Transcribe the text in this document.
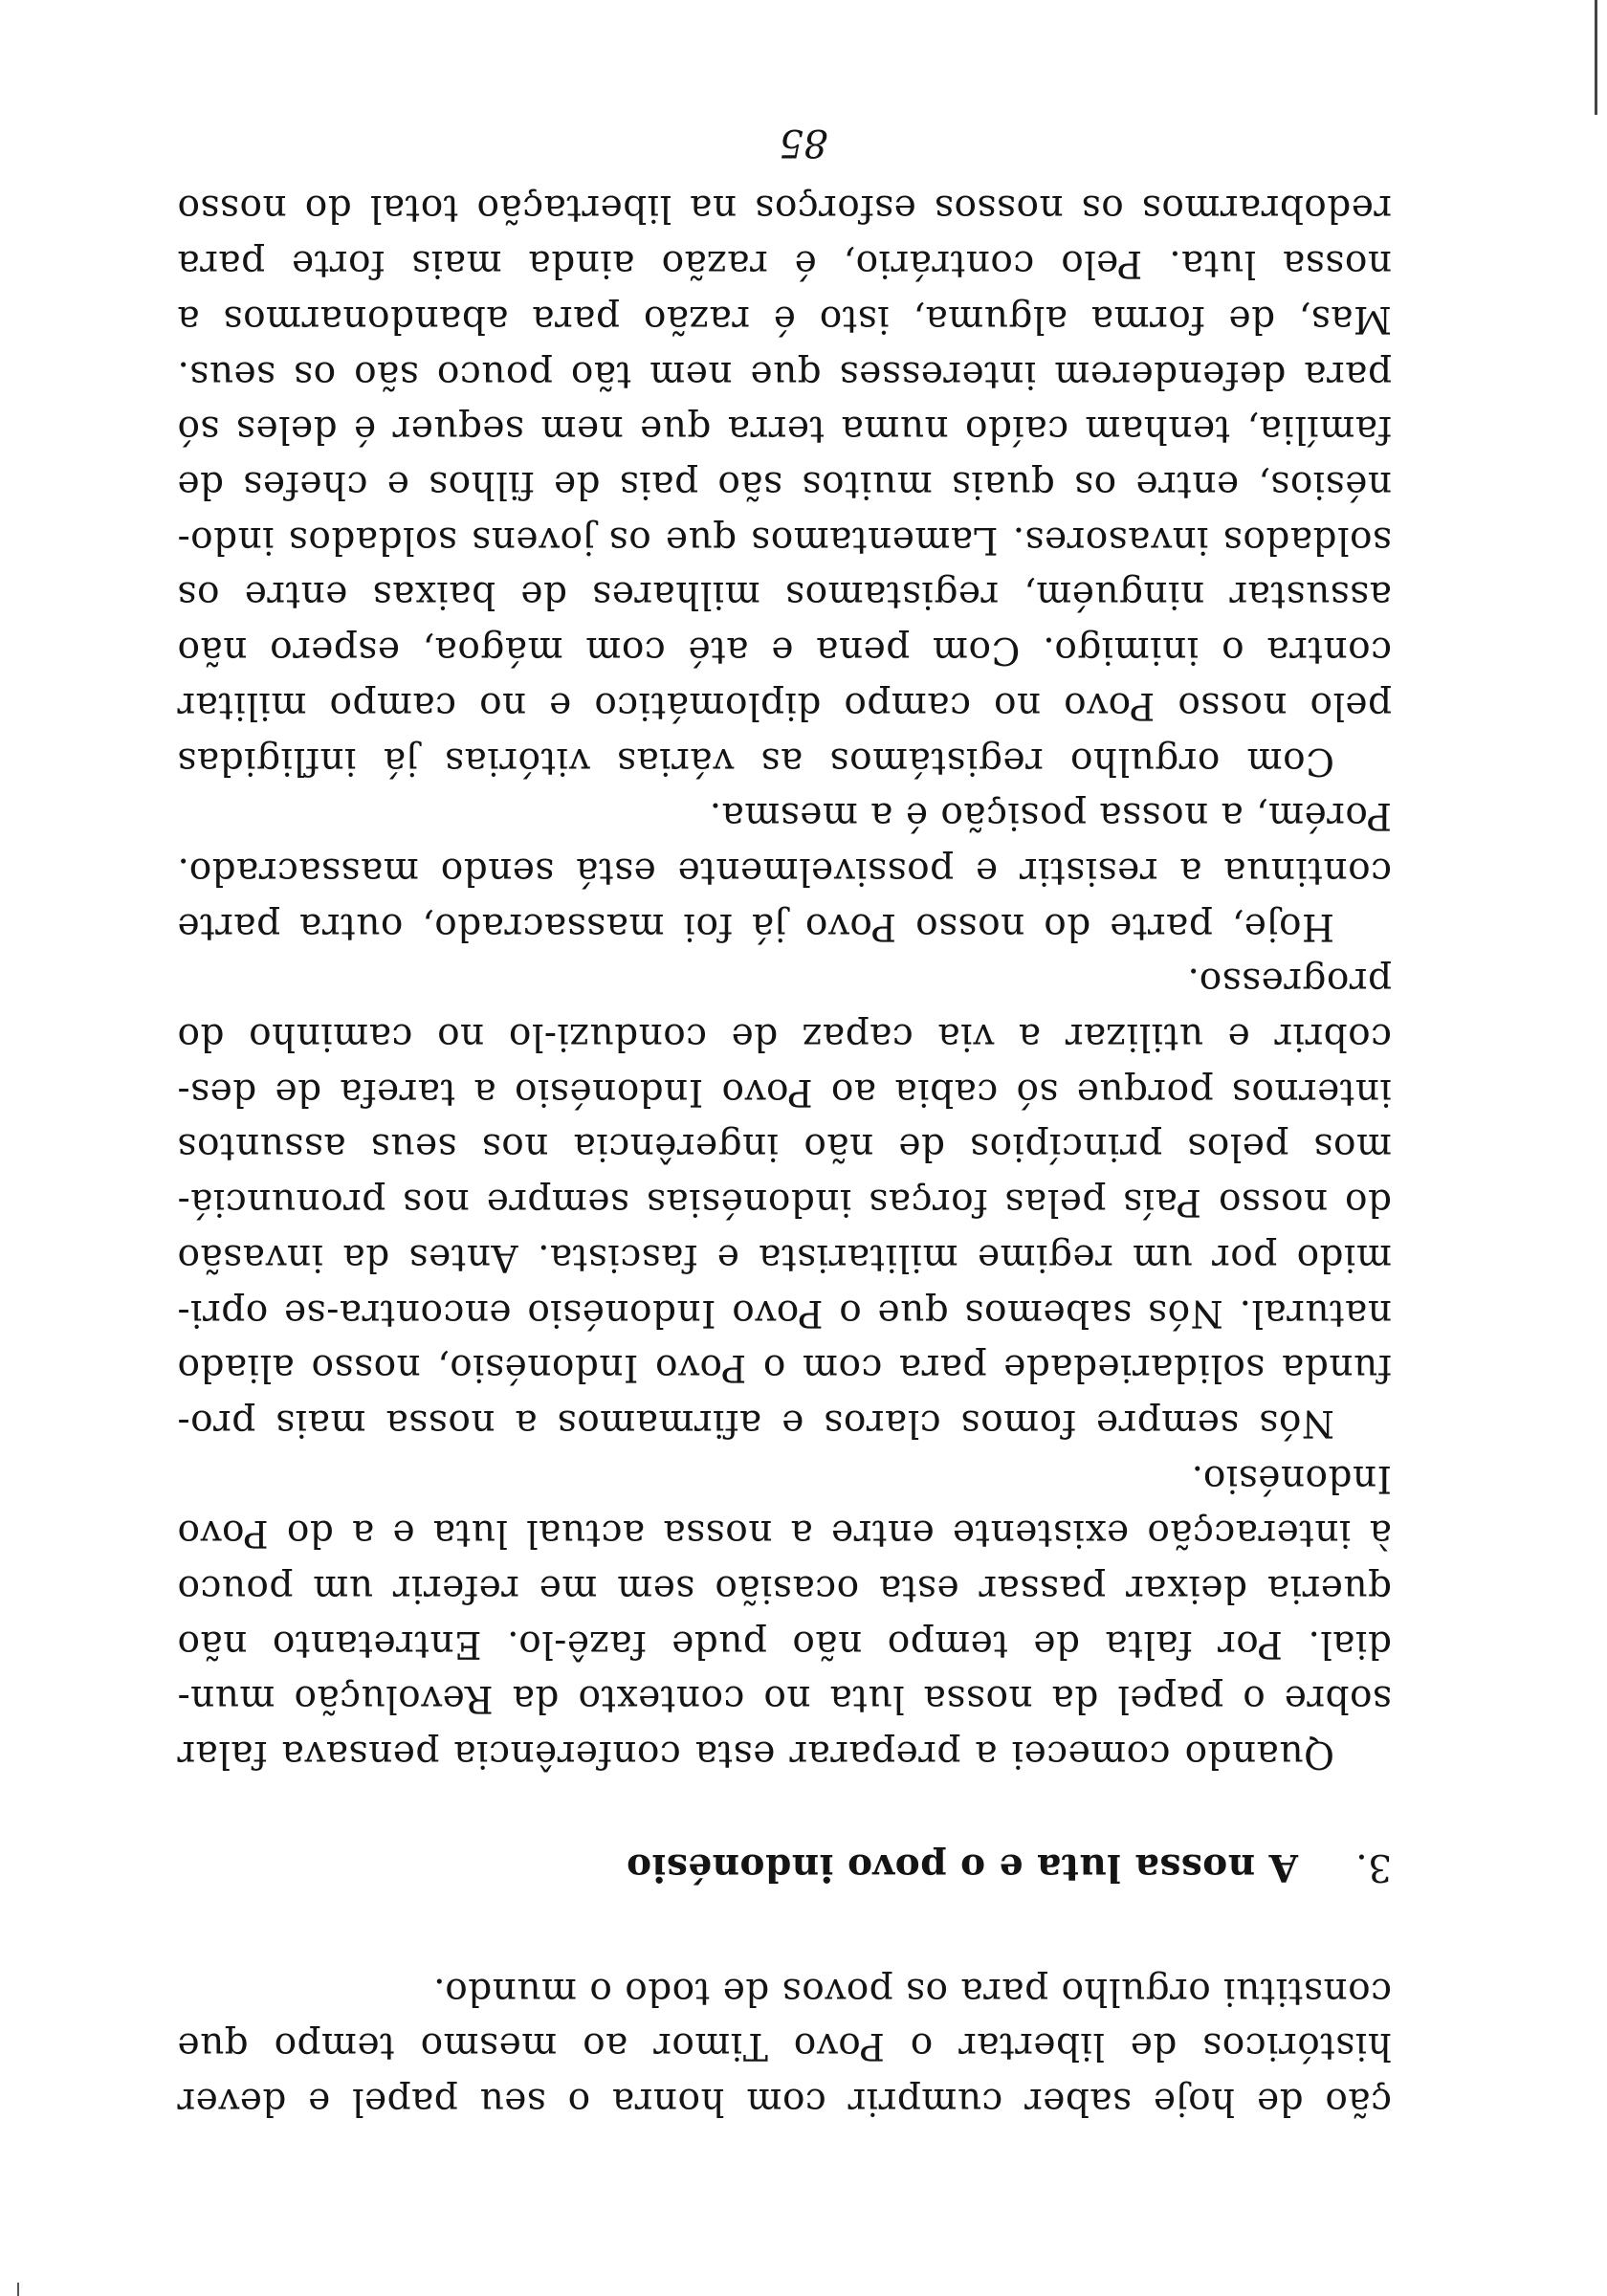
ção de hoje saber cumprir com honra o seu papel e dever
históricos de libertar o Povo Timor ao mesmo tempo que
constitui orgulho para os povos de todo o mundo.
3.A nossa luta e o povo indonésio
Quando comecei a preparar esta conferência pensava falar
sobre o papel da nossa luta no contexto da Revolução mun-
dial. Por falta de tempo não pude fazê-lo. Entretanto não
queria deixar passar esta ocasião sem me referir um pouco
à interacção existente entre a nossa actual luta e a do Povo
Indonésio.
Nós sempre fomos claros e afirmamos a nossa mais pro-
funda solidariedade para com o Povo Indonésio, nosso aliado
natural. Nós sabemos que o Povo Indonésio encontra-se opri-
mido por um regime militarista e fascista. Antes da invasão
do nosso País pelas forças indonésias sempre nos pronunciá-
mos pelos princípios de não ingerência nos seus assuntos
internos porque só cabia ao Povo Indonésio a tarefa de des-
cobrir e utilizar a via capaz de conduzi-lo no caminho do
progresso.
Hoje, parte do nosso Povo já foi massacrado, outra parte
continua a resistir e possivelmente está sendo massacrado.
Porém, a nossa posição é a mesma.
Com orgulho registámos as várias vitórias já infligidas
pelo nosso Povo no campo diplomático e no campo militar
contra o inimigo. Com pena e até com mágoa, espero não
assustar ninguém, registamos milhares de baixas entre os
soldados invasores. Lamentamos que os jovens soldados indo-
nésios, entre os quais muitos são pais de filhos e chefes de
família, tenham caído numa terra que nem sequer é deles só
para defenderem interesses que nem tão pouco são os seus.
Mas, de forma alguma, isto é razão para abandonarmos a
nossa luta. Pelo contrário, é razão ainda mais forte para
redobrarmos os nossos esforços na libertação total do nosso
85
